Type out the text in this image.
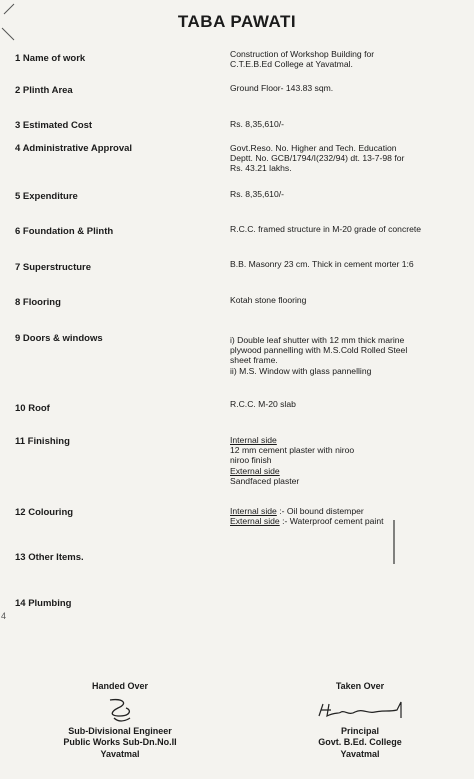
4
TABA PAWATI
1 Name of work	Construction of Workshop Building for
C.T.E.B.Ed College at Yavatmal.
2 Plinth Area	Ground Floor- 143.83 sqm.
3 Estimated Cost	Rs. 8,35,610/-
4 Administrative Approval	Govt.Reso. No. Higher and Tech. Education
Deptt. No. GCB/1794/I(232/94) dt. 13-7-98 for
Rs. 43.21 lakhs.
5 Expenditure	Rs. 8,35,610/-
6 Foundation & Plinth	R.C.C. framed structure in M-20 grade of concrete
7 Superstructure	B.B. Masonry 23 cm. Thick in cement morter 1:6
8 Flooring	Kotah stone flooring
9 Doors & windows	i) Double leaf shutter with 12 mm thick marine
plywood pannelling with M.S.Cold Rolled Steel
sheet frame.
ii) M.S. Window with glass pannelling
10 Roof	R.C.C. M-20 slab
11 Finishing	Internal side
12 mm cement plaster with niroo
niroo finish
External side
Sandfaced plaster
12 Colouring	Internal side :- Oil bound distemper
External side :- Waterproof cement paint
13 Other Items.
14 Plumbing
Handed Over
Sub-Divisional Engineer
Public Works Sub-Dn.No.II
Yavatmal
Taken Over
Principal
Govt. B.Ed. College
Yavatmal
